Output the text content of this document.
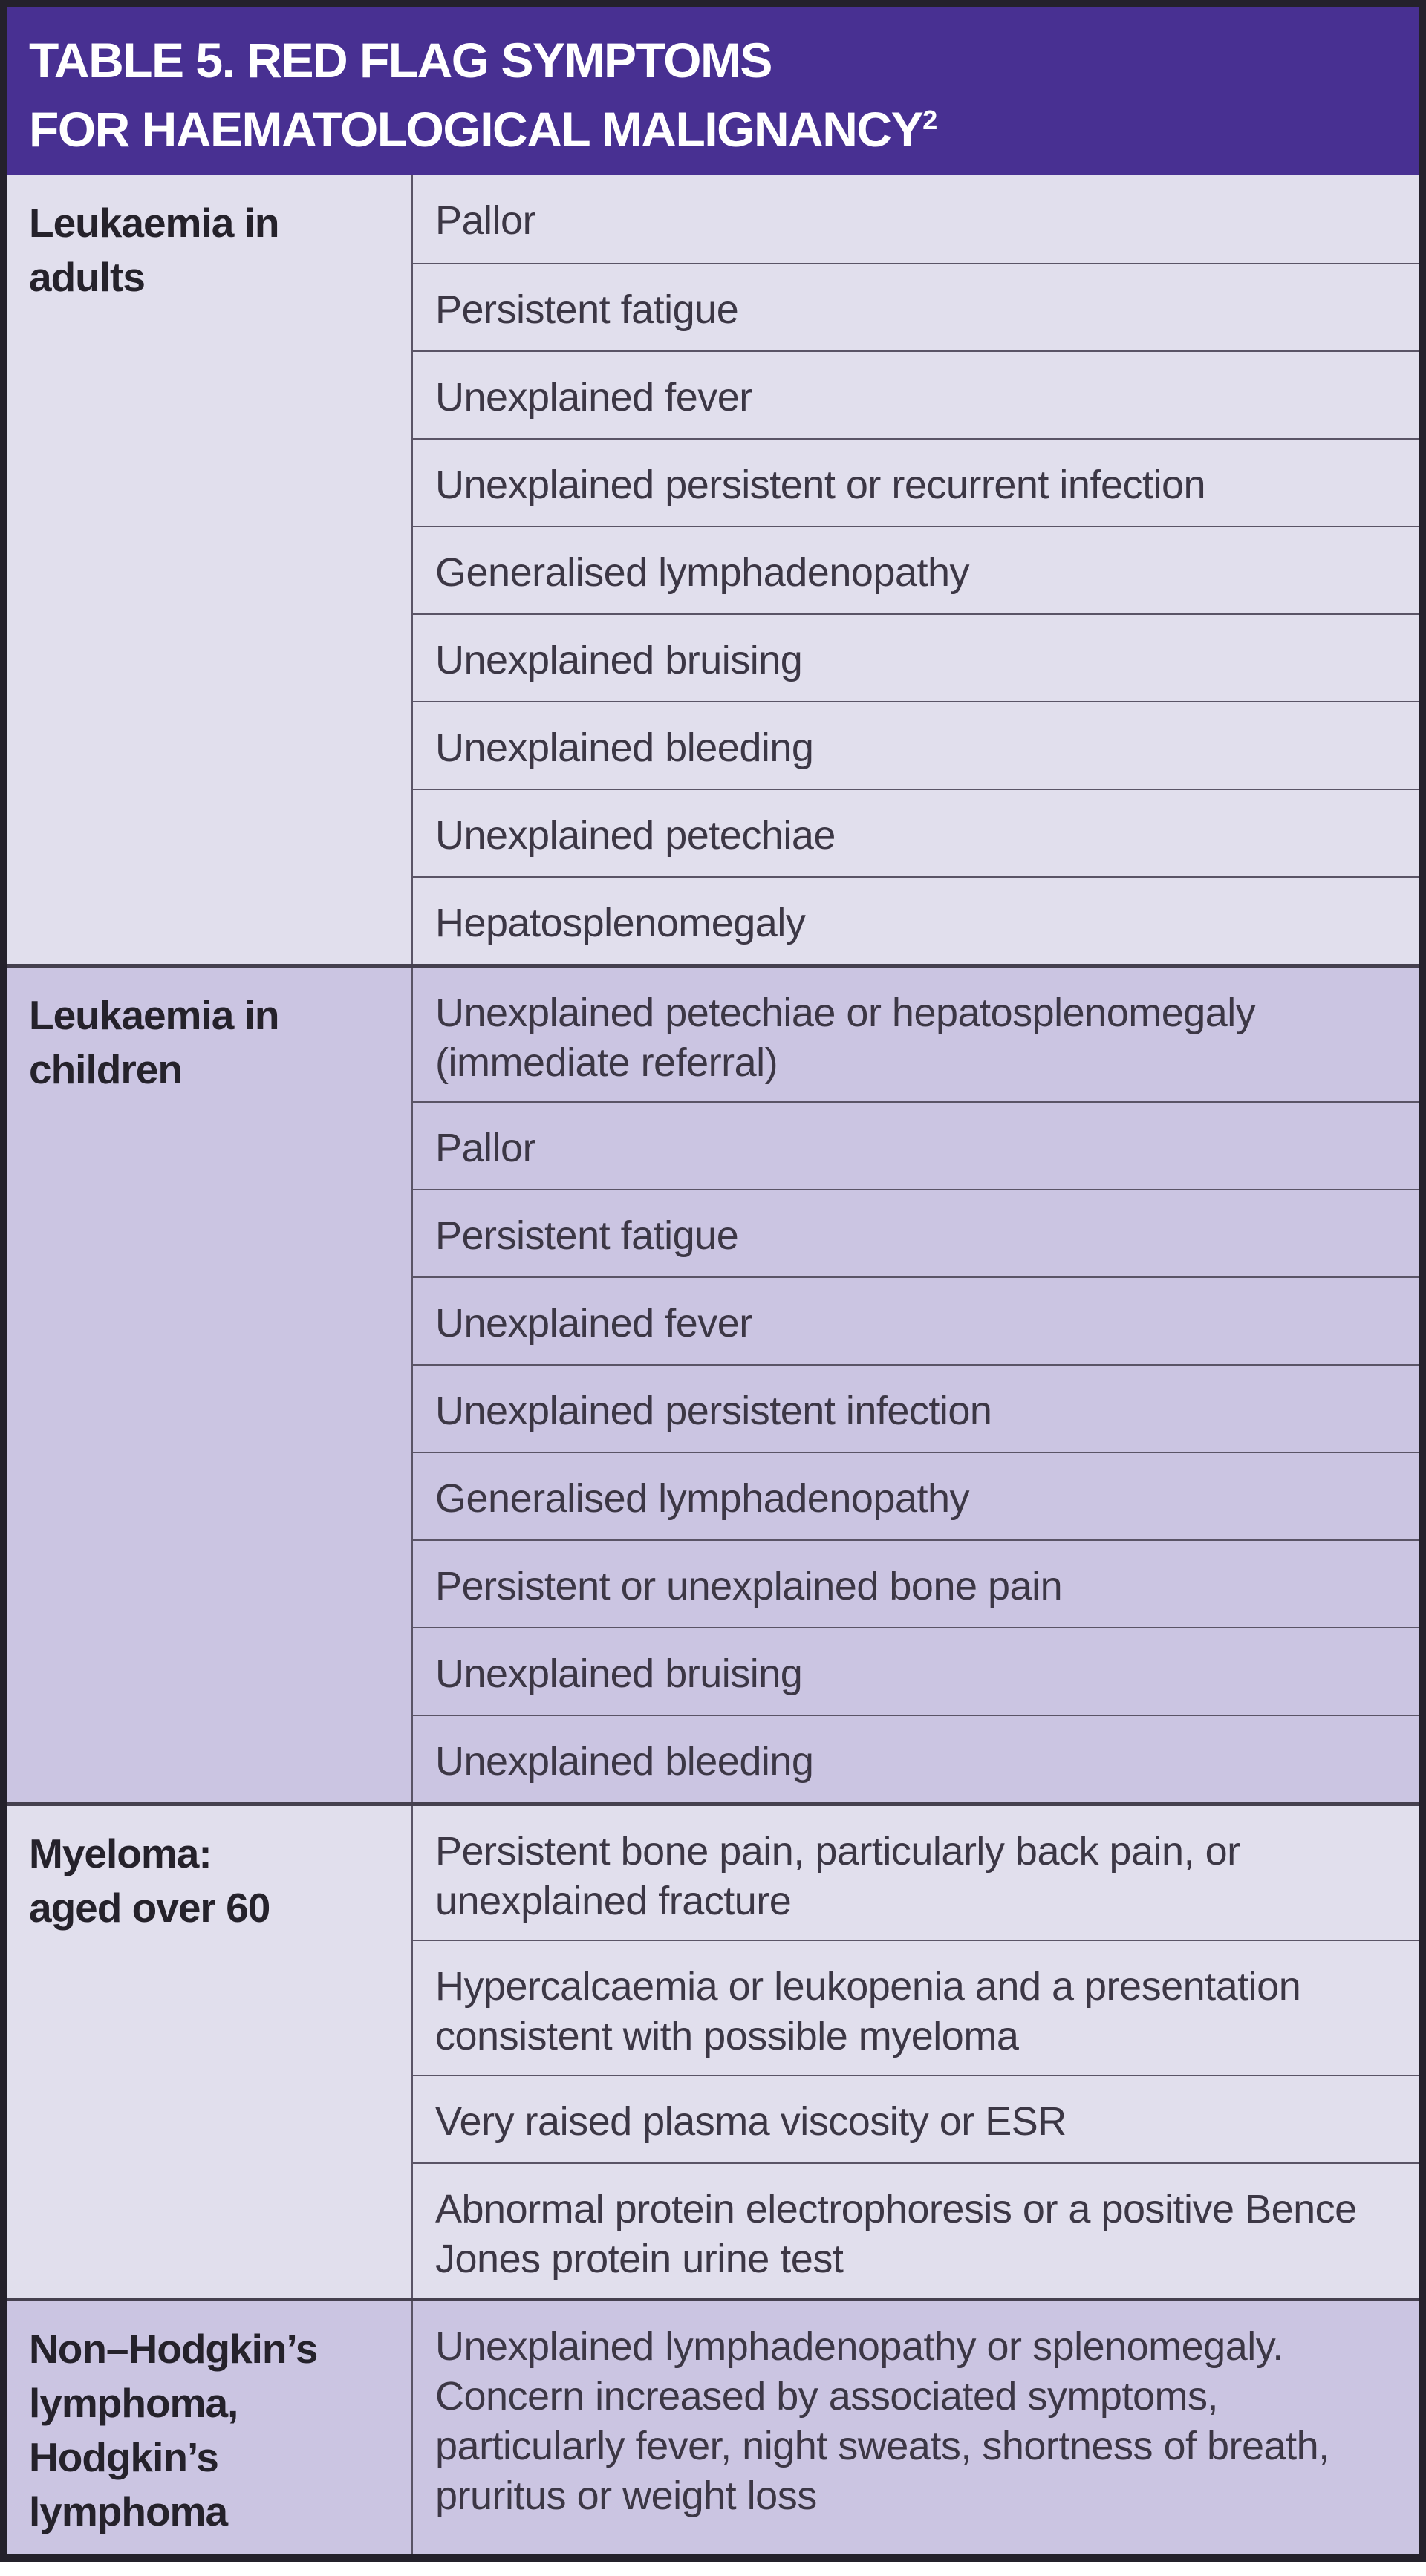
TABLE 5. RED FLAG SYMPTOMS
FOR HAEMATOLOGICAL MALIGNANCY$^2$
Leukaemia in adults
Pallor
Persistent fatigue
Unexplained fever
Unexplained persistent or recurrent infection
Generalised lymphadenopathy
Unexplained bruising
Unexplained bleeding
Unexplained petechiae
Hepatosplenomegaly
Leukaemia in children
Unexplained petechiae or hepatosplenomegaly (immediate referral)
Pallor
Persistent fatigue
Unexplained fever
Unexplained persistent infection
Generalised lymphadenopathy
Persistent or unexplained bone pain
Unexplained bruising
Unexplained bleeding
Myeloma:
aged over 60
Persistent bone pain, particularly back pain, or unexplained fracture
Hypercalcaemia or leukopenia and a presentation consistent with possible myeloma
Very raised plasma viscosity or ESR
Abnormal protein electrophoresis or a positive Bence Jones protein urine test
Non–Hodgkin’s
lymphoma,
Hodgkin’s lymphoma
Unexplained lymphadenopathy or splenomegaly. Concern increased by associated symptoms, particularly fever, night sweats, shortness of breath, pruritus or weight loss
